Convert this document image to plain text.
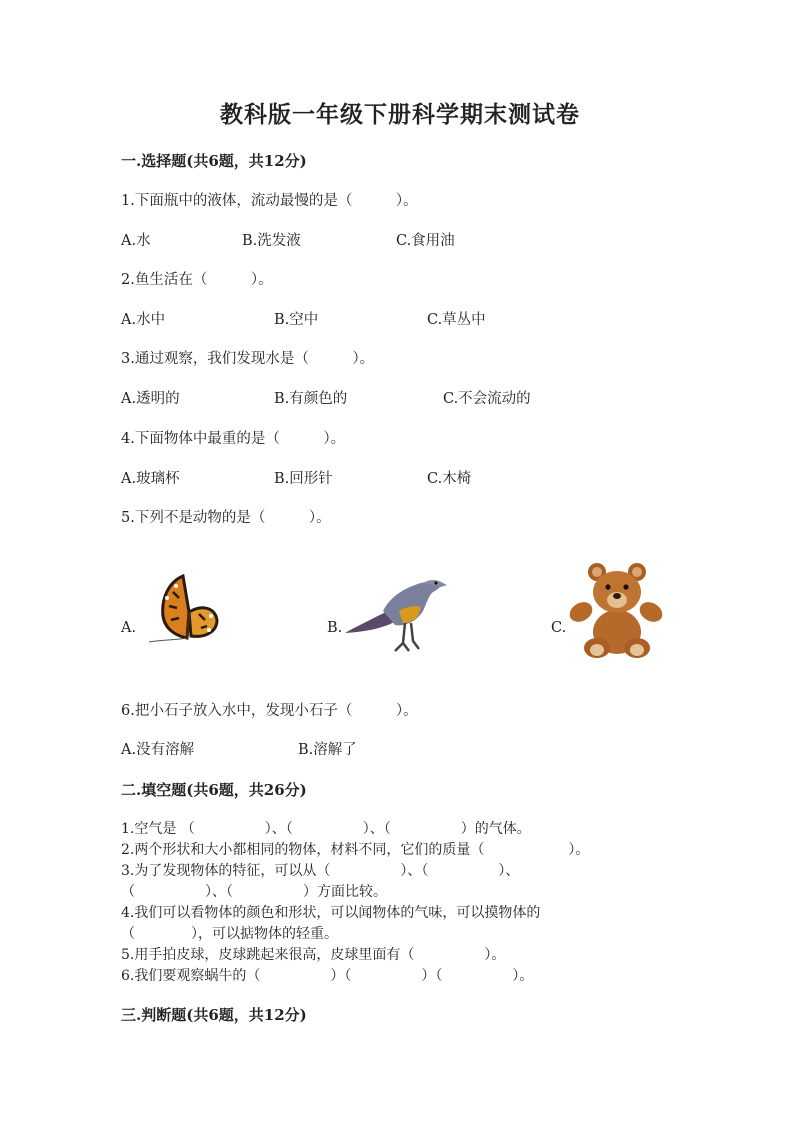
教科版一年级下册科学期末测试卷
一.选择题(共6题，共12分)
1.下面瓶中的液体，流动最慢的是（　　　）。
A.水	B.洗发液	C.食用油
2.鱼生活在（　　　）。
A.水中	B.空中	C.草丛中
3.通过观察，我们发现水是（　　　）。
A.透明的	B.有颜色的	C.不会流动的
4.下面物体中最重的是（　　　）。
A.玻璃杯	B.回形针	C.木椅
5.下列不是动物的是（　　　）。
A.	B.	C.
6.把小石子放入水中，发现小石子（　　　）。
A.没有溶解	B.溶解了
二.填空题(共6题，共26分)
1.空气是 （　　　　　）、（　　　　　）、（　　　　　）的气体。
2.两个形状和大小都相同的物体，材料不同，它们的质量（　　　　　　）。
3.为了发现物体的特征，可以从（　　　　　）、（　　　　　）、
（　　　　　）、（　　　　　）方面比较。
4.我们可以看物体的颜色和形状，可以闻物体的气味，可以摸物体的
（　　　　），可以掂物体的轻重。
5.用手拍皮球，皮球跳起来很高，皮球里面有（　　　　　）。
6.我们要观察蜗牛的（　　　　　）（　　　　　）（　　　　　）。
三.判断题(共6题，共12分)
